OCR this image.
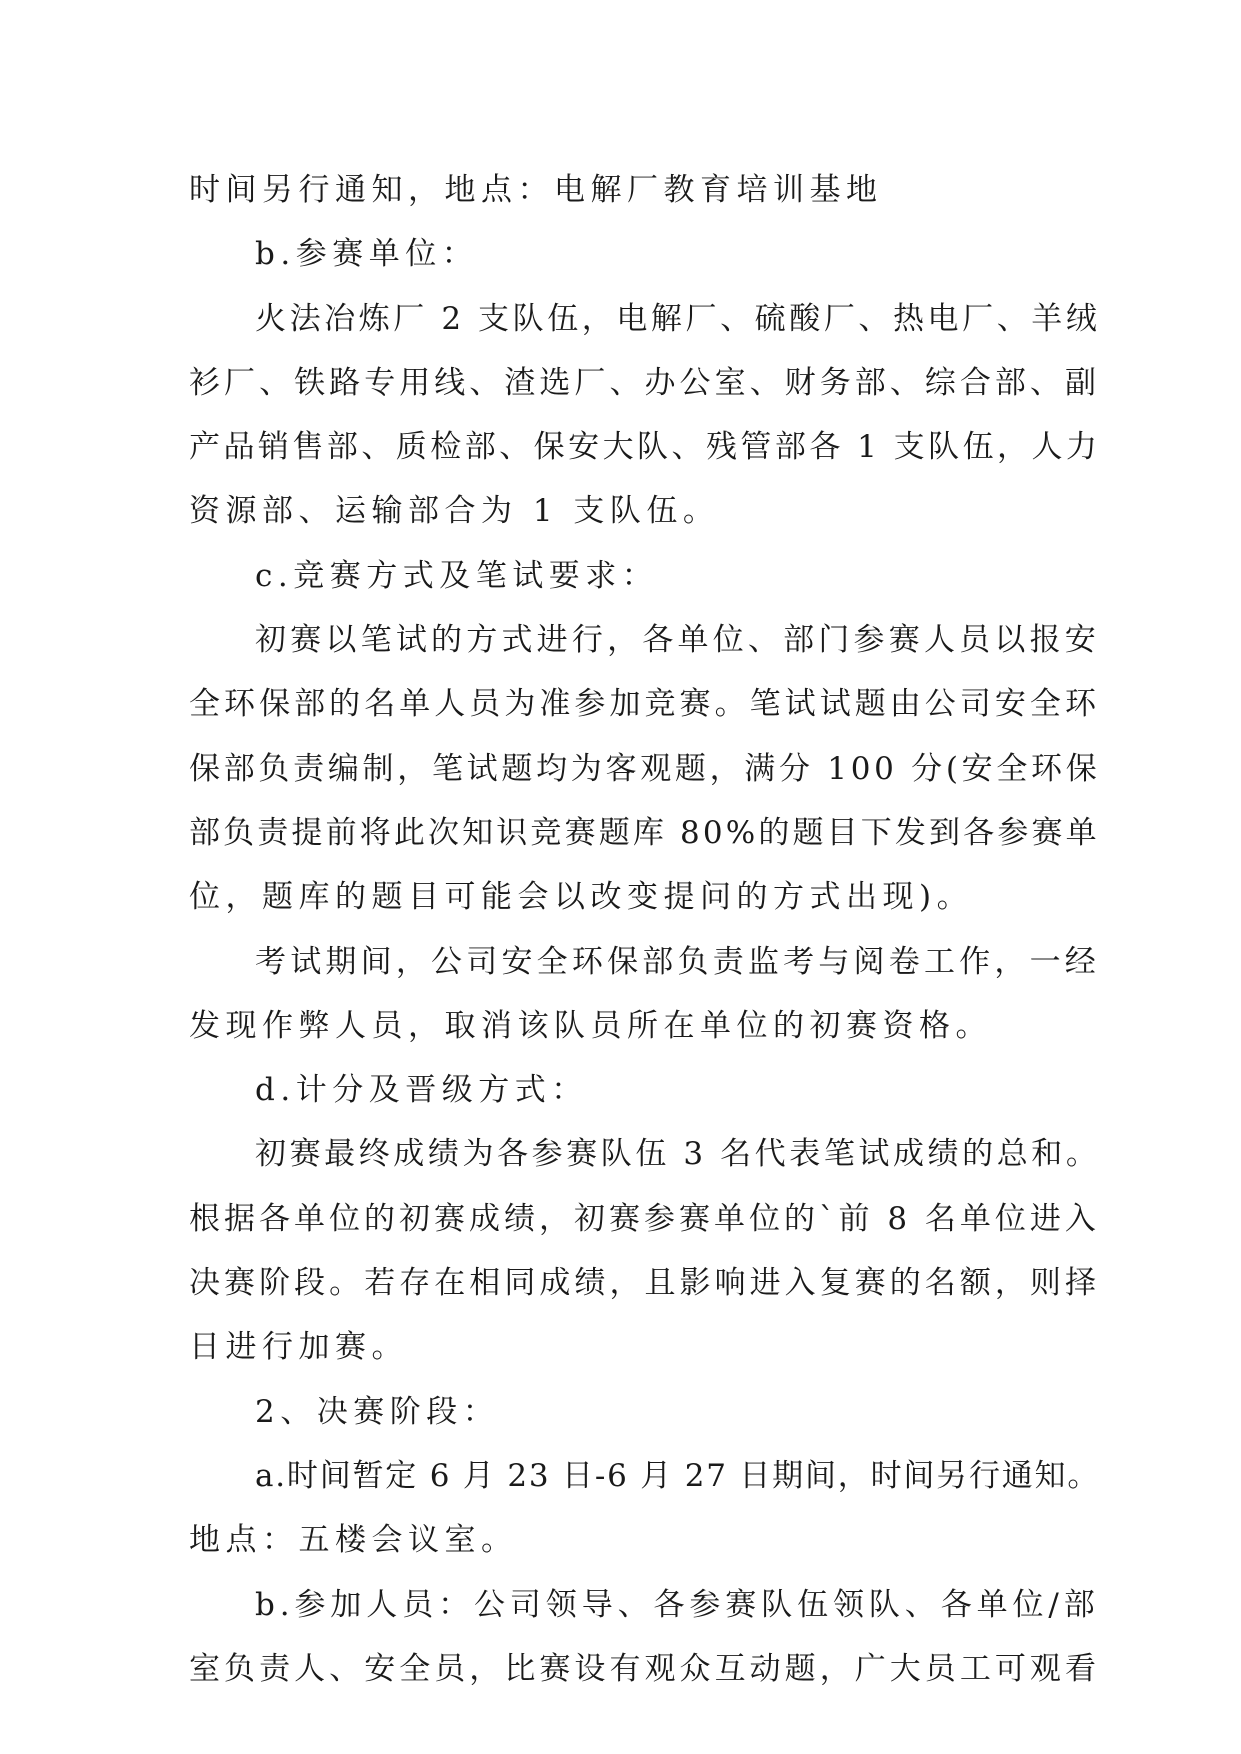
时间另行通知，地点：电解厂教育培训基地
b.参赛单位：
火法冶炼厂 2 支队伍，电解厂、硫酸厂、热电厂、羊绒
衫厂、铁路专用线、渣选厂、办公室、财务部、综合部、副
产品销售部、质检部、保安大队、残管部各 1 支队伍，人力
资源部、运输部合为 1 支队伍。
c.竞赛方式及笔试要求：
初赛以笔试的方式进行，各单位、部门参赛人员以报安
全环保部的名单人员为准参加竞赛。笔试试题由公司安全环
保部负责编制，笔试题均为客观题，满分 100 分(安全环保
部负责提前将此次知识竞赛题库 80%的题目下发到各参赛单
位，题库的题目可能会以改变提问的方式出现)。
考试期间，公司安全环保部负责监考与阅卷工作，一经
发现作弊人员，取消该队员所在单位的初赛资格。
d.计分及晋级方式：
初赛最终成绩为各参赛队伍 3 名代表笔试成绩的总和。
根据各单位的初赛成绩，初赛参赛单位的`前 8 名单位进入
决赛阶段。若存在相同成绩，且影响进入复赛的名额，则择
日进行加赛。
2、决赛阶段：
a.时间暂定 6 月 23 日-6 月 27 日期间，时间另行通知。
地点：五楼会议室。
b.参加人员：公司领导、各参赛队伍领队、各单位/部
室负责人、安全员，比赛设有观众互动题，广大员工可观看
